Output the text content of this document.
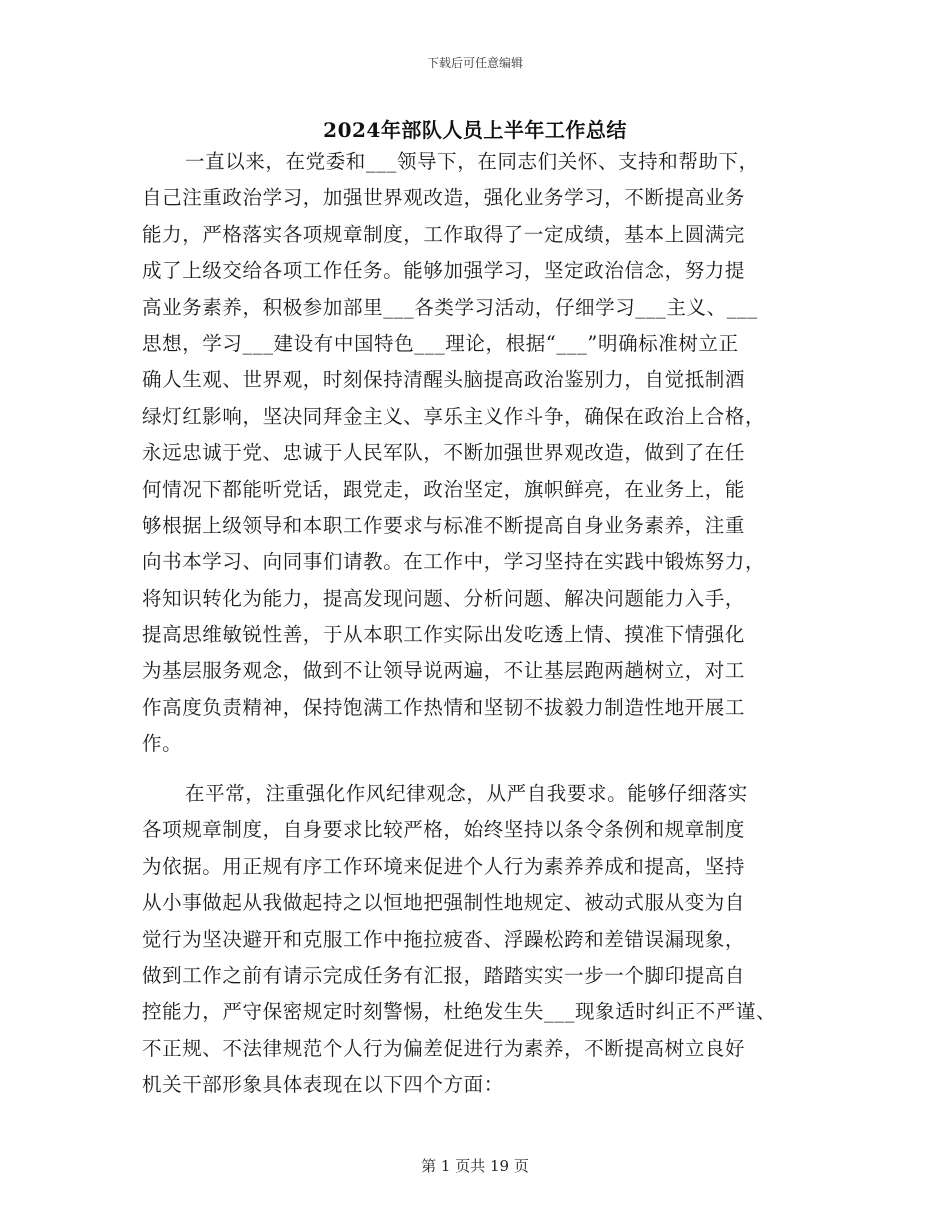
下载后可任意编辑
2024年部队人员上半年工作总结
一直以来，在党委和___领导下，在同志们关怀、支持和帮助下，
自己注重政治学习，加强世界观改造，强化业务学习，不断提高业务
能力，严格落实各项规章制度，工作取得了一定成绩，基本上圆满完
成了上级交给各项工作任务。能够加强学习，坚定政治信念，努力提
高业务素养，积极参加部里___各类学习活动，仔细学习___主义、___
思想，学习___建设有中国特色___理论，根据“___”明确标准树立正
确人生观、世界观，时刻保持清醒头脑提高政治鉴别力，自觉抵制酒
绿灯红影响，坚决同拜金主义、享乐主义作斗争，确保在政治上合格，
永远忠诚于党、忠诚于人民军队，不断加强世界观改造，做到了在任
何情况下都能听党话，跟党走，政治坚定，旗帜鲜亮，在业务上，能
够根据上级领导和本职工作要求与标准不断提高自身业务素养，注重
向书本学习、向同事们请教。在工作中，学习坚持在实践中锻炼努力，
将知识转化为能力，提高发现问题、分析问题、解决问题能力入手，
提高思维敏锐性善，于从本职工作实际出发吃透上情、摸准下情强化
为基层服务观念，做到不让领导说两遍，不让基层跑两趟树立，对工
作高度负责精神，保持饱满工作热情和坚韧不拔毅力制造性地开展工
作。
在平常，注重强化作风纪律观念，从严自我要求。能够仔细落实
各项规章制度，自身要求比较严格，始终坚持以条令条例和规章制度
为依据。用正规有序工作环境来促进个人行为素养养成和提高，坚持
从小事做起从我做起持之以恒地把强制性地规定、被动式服从变为自
觉行为坚决避开和克服工作中拖拉疲沓、浮躁松跨和差错误漏现象，
做到工作之前有请示完成任务有汇报，踏踏实实一步一个脚印提高自
控能力，严守保密规定时刻警惕，杜绝发生失___现象适时纠正不严谨、
不正规、不法律规范个人行为偏差促进行为素养，不断提高树立良好
机关干部形象具体表现在以下四个方面：
第 1 页共 19 页
